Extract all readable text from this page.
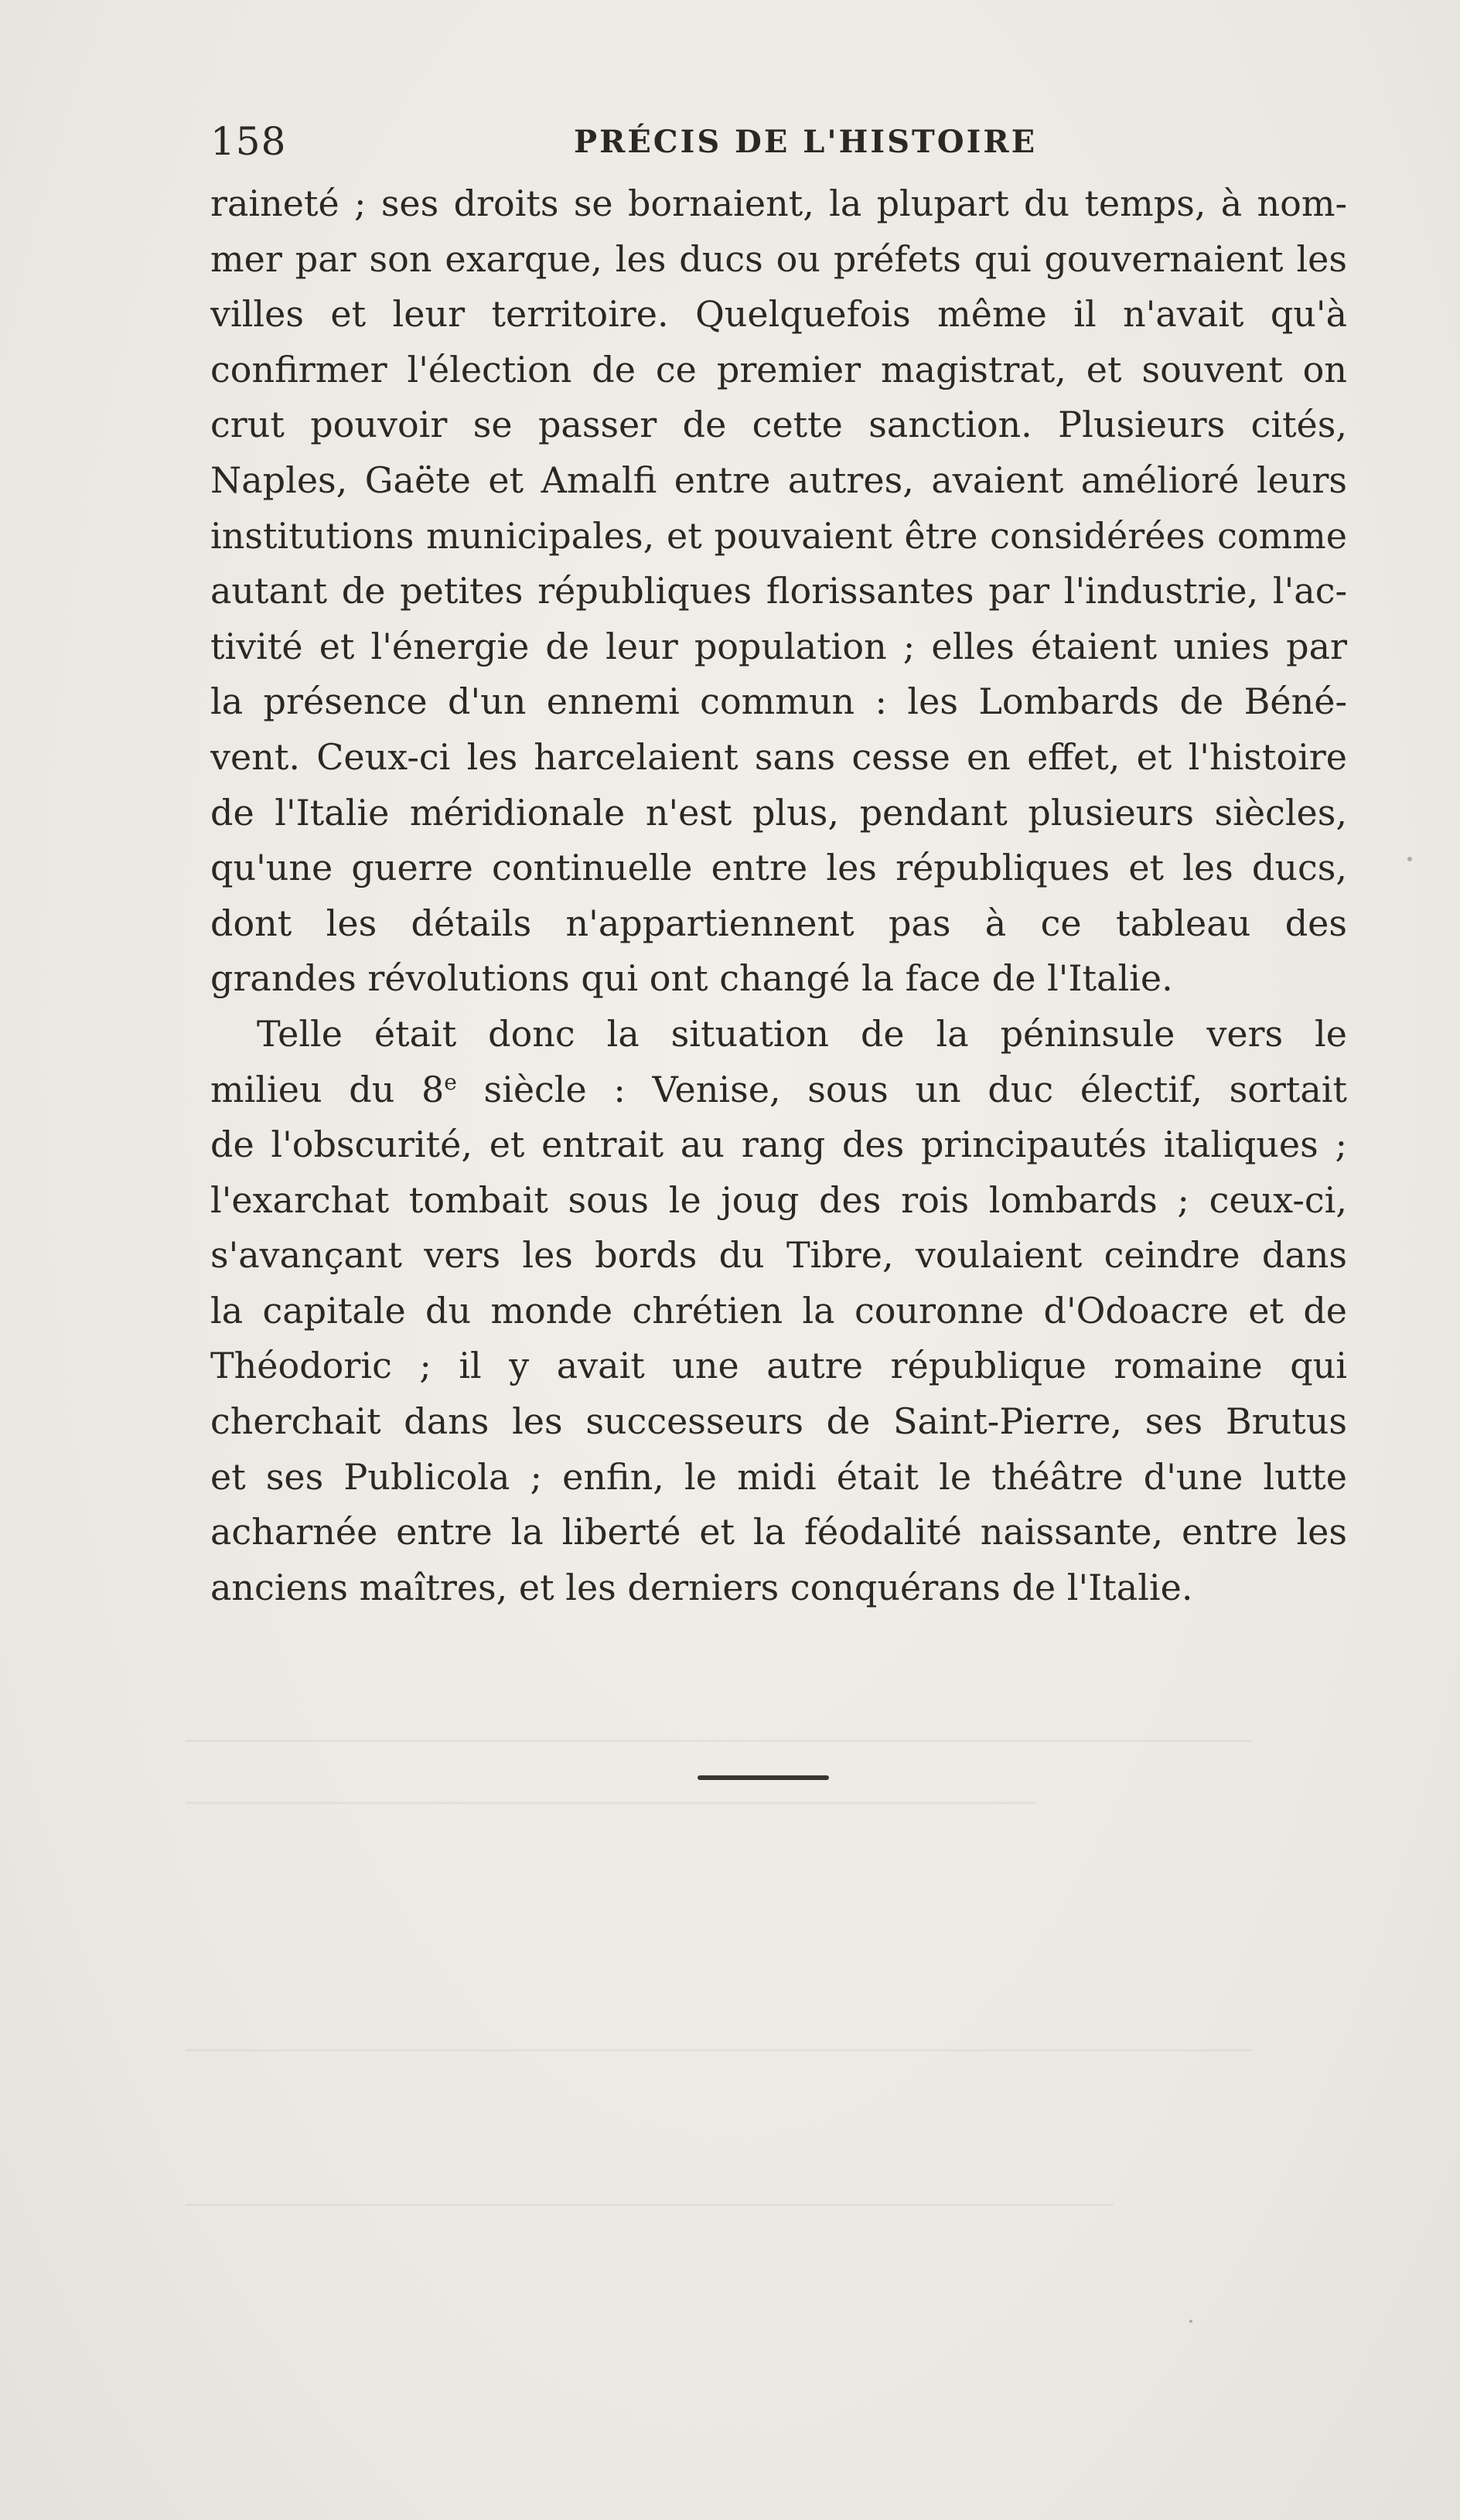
158	PRÉCIS DE L'HISTOIRE
raineté ; ses droits se bornaient, la plupart du temps, à nom-
mer par son exarque, les ducs ou préfets qui gouvernaient les
villes et leur territoire. Quelquefois même il n'avait qu'à
confirmer l'élection de ce premier magistrat, et souvent on
crut pouvoir se passer de cette sanction. Plusieurs cités,
Naples, Gaëte et Amalfi entre autres, avaient amélioré leurs
institutions municipales, et pouvaient être considérées comme
autant de petites républiques florissantes par l'industrie, l'ac-
tivité et l'énergie de leur population ; elles étaient unies par
la présence d'un ennemi commun : les Lombards de Béné-
vent. Ceux-ci les harcelaient sans cesse en effet, et l'histoire
de l'Italie méridionale n'est plus, pendant plusieurs siècles,
qu'une guerre continuelle entre les républiques et les ducs,
dont les détails n'appartiennent pas à ce tableau des
grandes révolutions qui ont changé la face de l'Italie.
Telle était donc la situation de la péninsule vers le
milieu du 8e siècle : Venise, sous un duc électif, sortait
de l'obscurité, et entrait au rang des principautés italiques ;
l'exarchat tombait sous le joug des rois lombards ; ceux-ci,
s'avançant vers les bords du Tibre, voulaient ceindre dans
la capitale du monde chrétien la couronne d'Odoacre et de
Théodoric ; il y avait une autre république romaine qui
cherchait dans les successeurs de Saint-Pierre, ses Brutus
et ses Publicola ; enfin, le midi était le théâtre d'une lutte
acharnée entre la liberté et la féodalité naissante, entre les
anciens maîtres, et les derniers conquérans de l'Italie.
